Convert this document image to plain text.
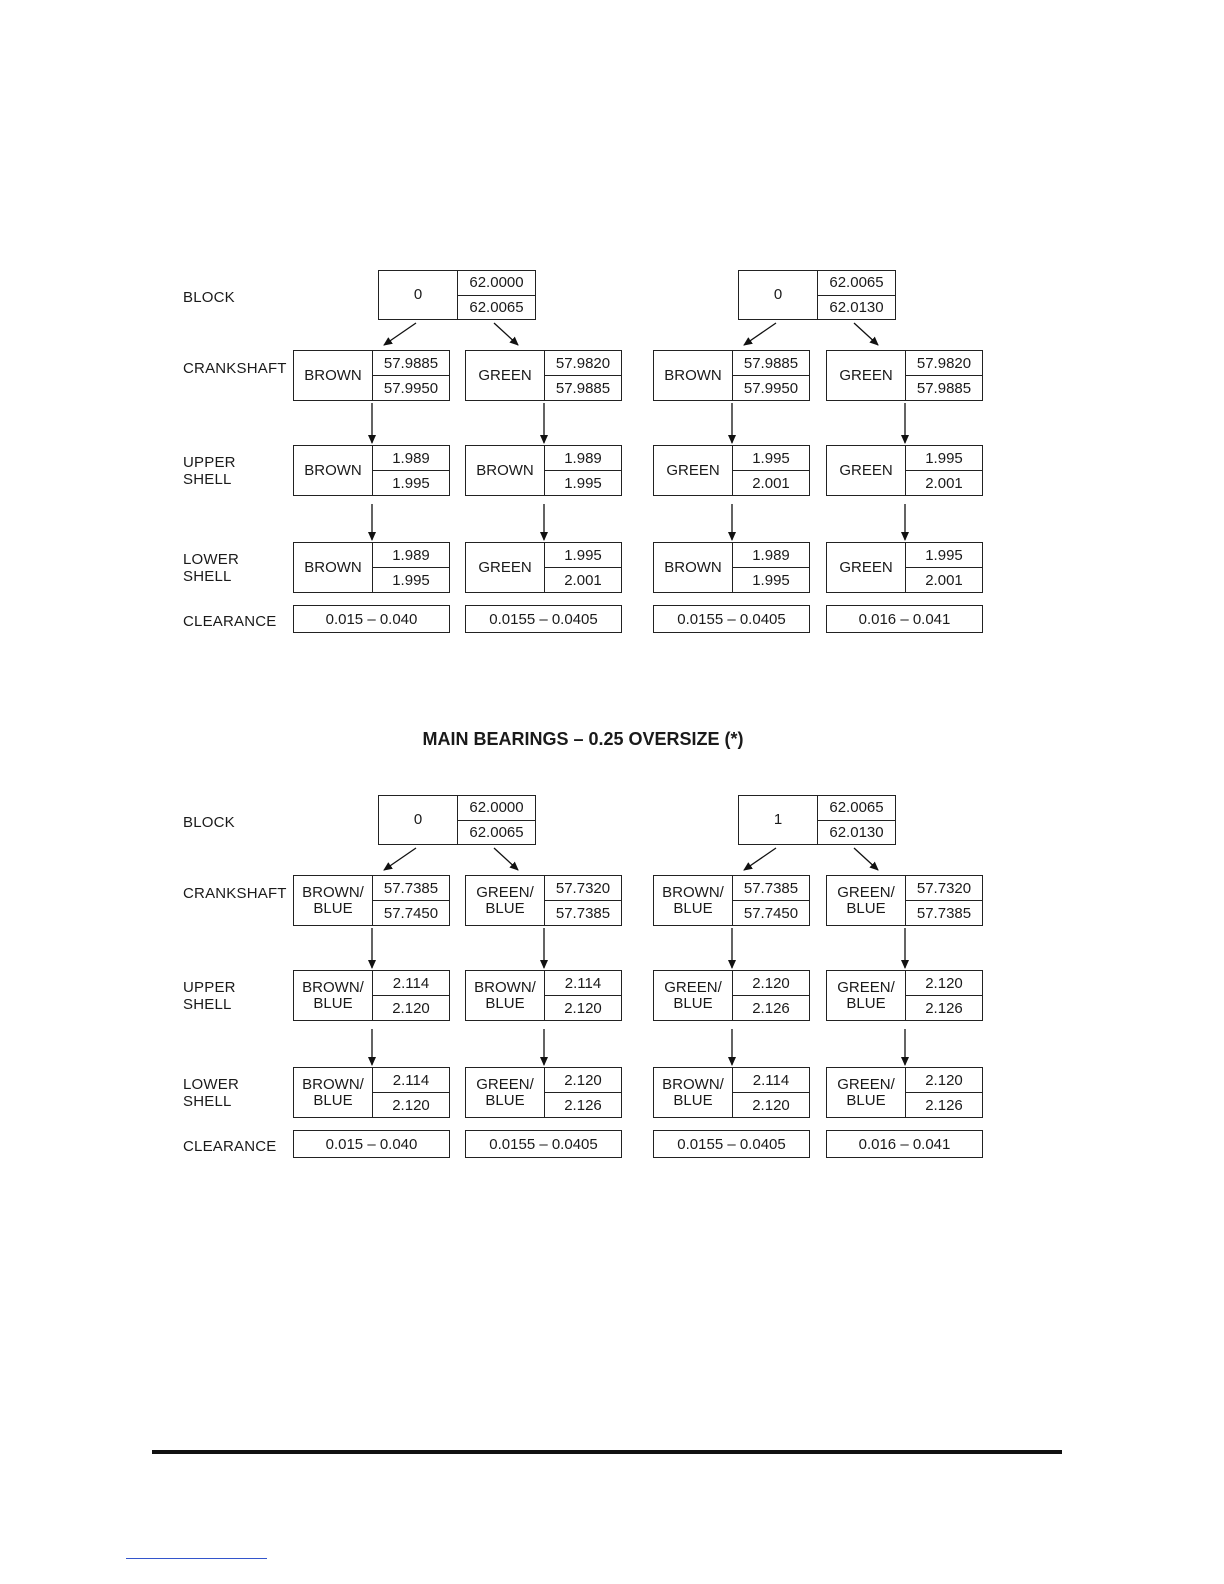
BLOCK
CRANKSHAFT
UPPER
SHELL
LOWER
SHELL
CLEARANCE
0
62.0000
62.0065
0
62.0065
62.0130
BROWN
57.9885
57.9950
BROWN
1.989
1.995
BROWN
1.989
1.995
0.015 – 0.040
GREEN
57.9820
57.9885
BROWN
1.989
1.995
GREEN
1.995
2.001
0.0155 – 0.0405
BROWN
57.9885
57.9950
GREEN
1.995
2.001
BROWN
1.989
1.995
0.0155 – 0.0405
GREEN
57.9820
57.9885
GREEN
1.995
2.001
GREEN
1.995
2.001
0.016 – 0.041
BLOCK
CRANKSHAFT
UPPER
SHELL
LOWER
SHELL
CLEARANCE
0
62.0000
62.0065
1
62.0065
62.0130
BROWN/
BLUE
57.7385
57.7450
BROWN/
BLUE
2.114
2.120
BROWN/
BLUE
2.114
2.120
0.015 – 0.040
GREEN/
BLUE
57.7320
57.7385
BROWN/
BLUE
2.114
2.120
GREEN/
BLUE
2.120
2.126
0.0155 – 0.0405
BROWN/
BLUE
57.7385
57.7450
GREEN/
BLUE
2.120
2.126
BROWN/
BLUE
2.114
2.120
0.0155 – 0.0405
GREEN/
BLUE
57.7320
57.7385
GREEN/
BLUE
2.120
2.126
GREEN/
BLUE
2.120
2.126
0.016 – 0.041
MAIN BEARINGS – 0.25 OVERSIZE (*)
